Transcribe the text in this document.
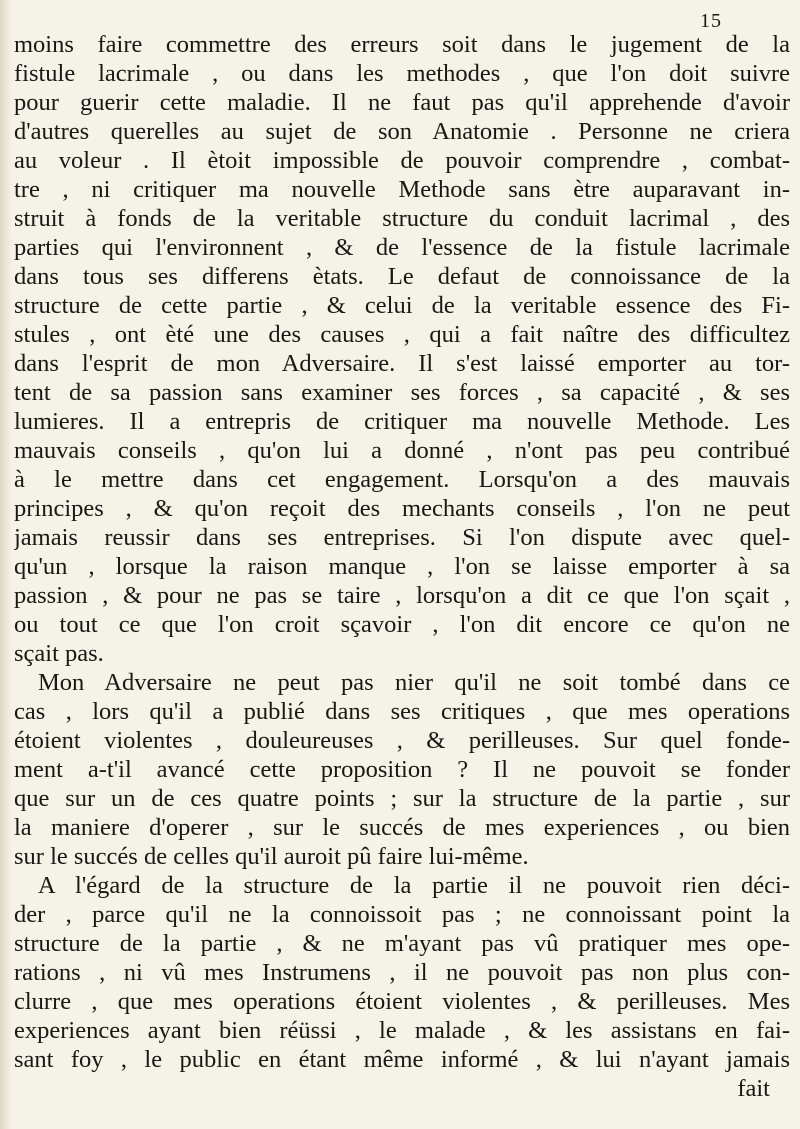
15
moins faire commettre des erreurs soit dans le jugement de la
fistule lacrimale , ou dans les methodes , que l'on doit suivre
pour guerir cette maladie. Il ne faut pas qu'il apprehende d'avoir
d'autres querelles au sujet de son Anatomie . Personne ne criera
au voleur . Il ètoit impossible de pouvoir comprendre , combat-
tre , ni critiquer ma nouvelle Methode sans ètre auparavant in-
struit à fonds de la veritable structure du conduit lacrimal , des
parties qui l'environnent , & de l'essence de la fistule lacrimale
dans tous ses differens ètats. Le defaut de connoissance de la
structure de cette partie , & celui de la veritable essence des Fi-
stules , ont èté une des causes , qui a fait naître des difficultez
dans l'esprit de mon Adversaire. Il s'est laissé emporter au tor-
tent de sa passion sans examiner ses forces , sa capacité , & ses
lumieres. Il a entrepris de critiquer ma nouvelle Methode. Les
mauvais conseils , qu'on lui a donné , n'ont pas peu contribué
à le mettre dans cet engagement. Lorsqu'on a des mauvais
principes , & qu'on reçoit des mechants conseils , l'on ne peut
jamais reussir dans ses entreprises. Si l'on dispute avec quel-
qu'un , lorsque la raison manque , l'on se laisse emporter à sa
passion , & pour ne pas se taire , lorsqu'on a dit ce que l'on sçait ,
ou tout ce que l'on croit sçavoir , l'on dit encore ce qu'on ne
sçait pas.
Mon Adversaire ne peut pas nier qu'il ne soit tombé dans ce
cas , lors qu'il a publié dans ses critiques , que mes operations
étoient violentes , douleureuses , & perilleuses. Sur quel fonde-
ment a-t'il avancé cette proposition ? Il ne pouvoit se fonder
que sur un de ces quatre points ; sur la structure de la partie , sur
la maniere d'operer , sur le succés de mes experiences , ou bien
sur le succés de celles qu'il auroit pû faire lui-même.
A l'égard de la structure de la partie il ne pouvoit rien déci-
der , parce qu'il ne la connoissoit pas ; ne connoissant point la
structure de la partie , & ne m'ayant pas vû pratiquer mes ope-
rations , ni vû mes Instrumens , il ne pouvoit pas non plus con-
clurre , que mes operations étoient violentes , & perilleuses. Mes
experiences ayant bien réüssi , le malade , & les assistans en fai-
sant foy , le public en étant même informé , & lui n'ayant jamais
fait
